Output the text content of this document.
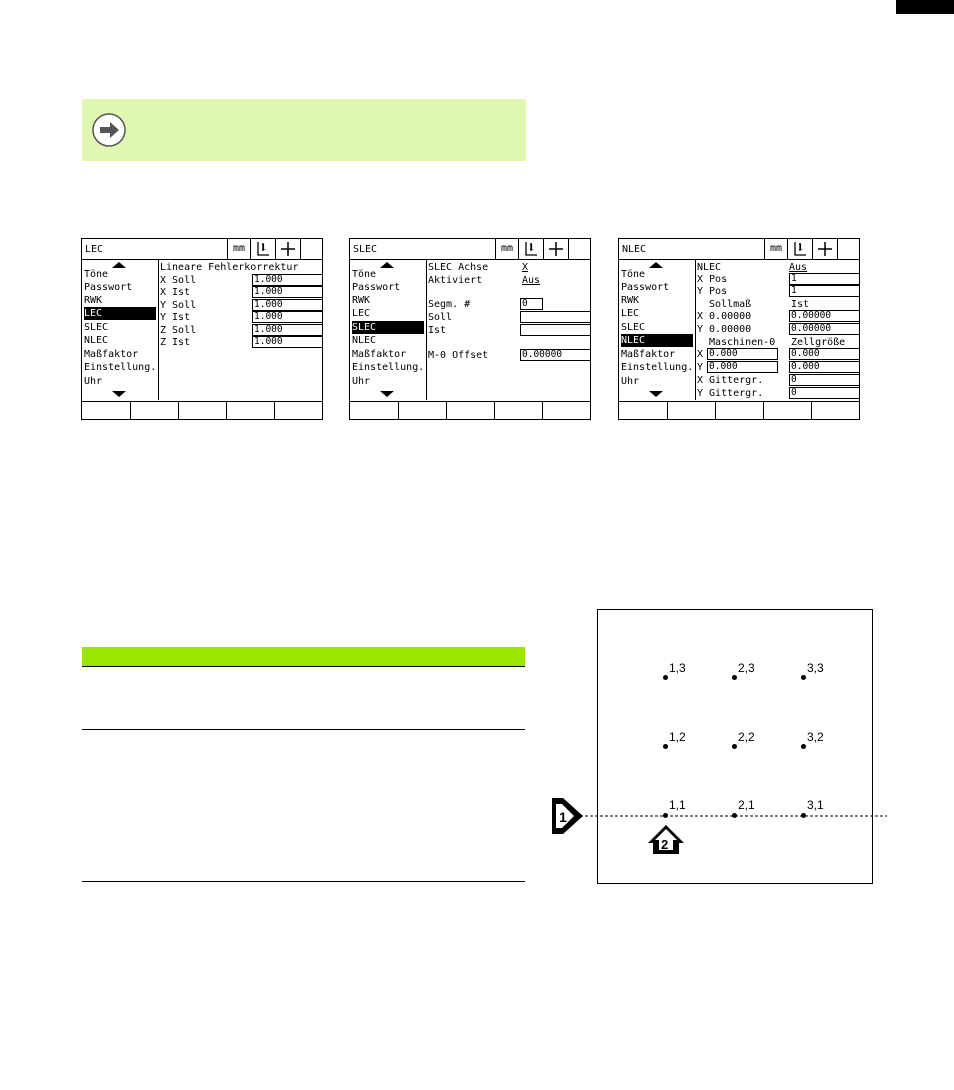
LEC	mm	1
Töne
Passwort
RWK
LEC
SLEC
NLEC
Maßfaktor
Einstellung.
Uhr
Lineare Fehlerkorrektur
X Soll	1.000
X Ist	1.000
Y Soll	1.000
Y Ist	1.000
Z Soll	1.000
Z Ist	1.000
SLEC	mm	1
Töne
Passwort
RWK
LEC
SLEC
NLEC
Maßfaktor
Einstellung.
Uhr
SLEC Achse	X
Aktiviert	Aus
Segm. #	0
Soll
Ist
M-0 Offset	0.00000
NLEC	mm	1
Töne
Passwort
RWK
LEC
SLEC
NLEC
Maßfaktor
Einstellung.
Uhr
NLEC	Aus
X Pos	1
Y Pos	1
Sollmaß	Ist
X 0.00000	0.00000
Y 0.00000	0.00000
Maschinen-0 Zellgröße
X 0.000	0.000
Y 0.000	0.000
X Gittergr.	0
Y Gittergr.	0
1
2
1,3	2,3	3,3
1,2	2,2	3,2
1,1	2,1	3,1
